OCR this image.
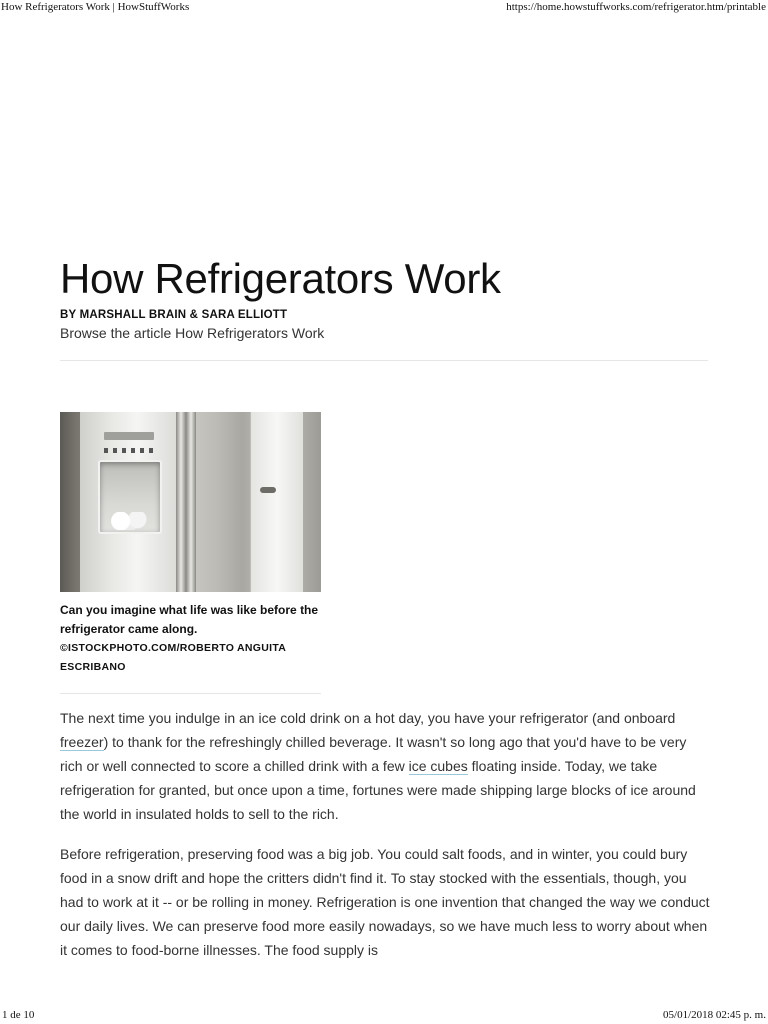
How Refrigerators Work | HowStuffWorks	https://home.howstuffworks.com/refrigerator.htm/printable
How Refrigerators Work
BY MARSHALL BRAIN & SARA ELLIOTT
Browse the article How Refrigerators Work
Can you imagine what life was like before the refrigerator came along.
©ISTOCKPHOTO.COM/ROBERTO ANGUITA ESCRIBANO

The next time you indulge in an ice cold drink on a hot day, you have your refrigerator (and onboard freezer) to thank for the refreshingly chilled beverage. It wasn't so long ago that you'd have to be very rich or well connected to score a chilled drink with a few ice cubes floating inside. Today, we take refrigeration for granted, but once upon a time, fortunes were made shipping large blocks of ice around the world in insulated holds to sell to the rich.

Before refrigeration, preserving food was a big job. You could salt foods, and in winter, you could bury food in a snow drift and hope the critters didn't find it. To stay stocked with the essentials, though, you had to work at it -- or be rolling in money. Refrigeration is one invention that changed the way we conduct our daily lives. We can preserve food more easily nowadays, so we have much less to worry about when it comes to food-borne illnesses. The food supply is

1 de 10	05/01/2018 02:45 p. m.
